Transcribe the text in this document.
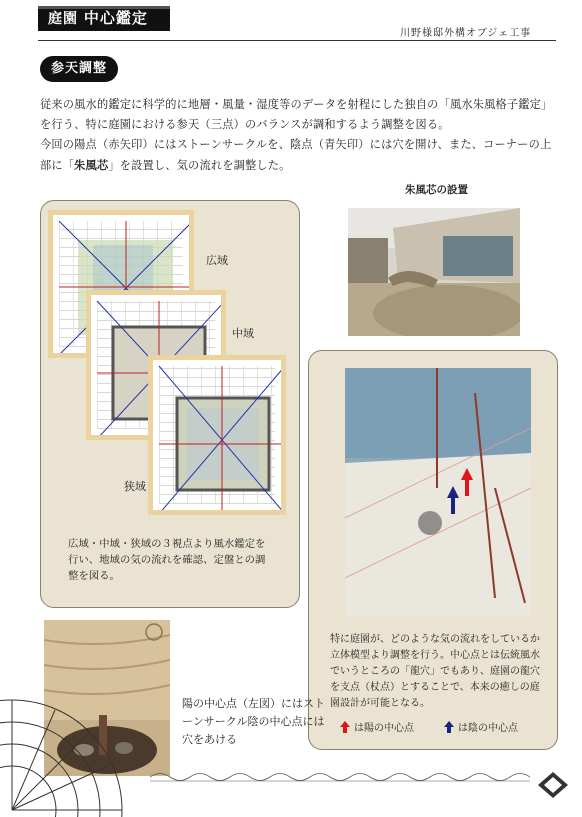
庭園 中心鑑定
川野様邸外構オブジェ工事
参天調整

従来の風水的鑑定に科学的に地層・風量・湿度等のデータを射程にした独自の「風水朱風格子鑑定」を行う、特に庭園における参天（三点）のバランスが調和するよう調整を図る。

今回の陽点（赤矢印）にはストーンサークルを、陰点（青矢印）には穴を開け、また、コーナーの上部に「朱風芯」を設置し、気の流れを調整した。

広域
中域
狭域
広域・中域・狭域の３視点より風水鑑定を行い、地域の気の流れを確認、定盤との調整を図る。
朱風芯の設置
特に庭園が、どのような気の流れをしているか立体模型より調整を行う。中心点とは伝統風水でいうところの「龍穴」でもあり、庭園の龍穴を支点（杖点）とすることで、本来の癒しの庭園設計が可能となる。
は陽の中心点	は陰の中心点
陽の中心点（左図）にはストーンサークル陰の中心点には穴をあける
